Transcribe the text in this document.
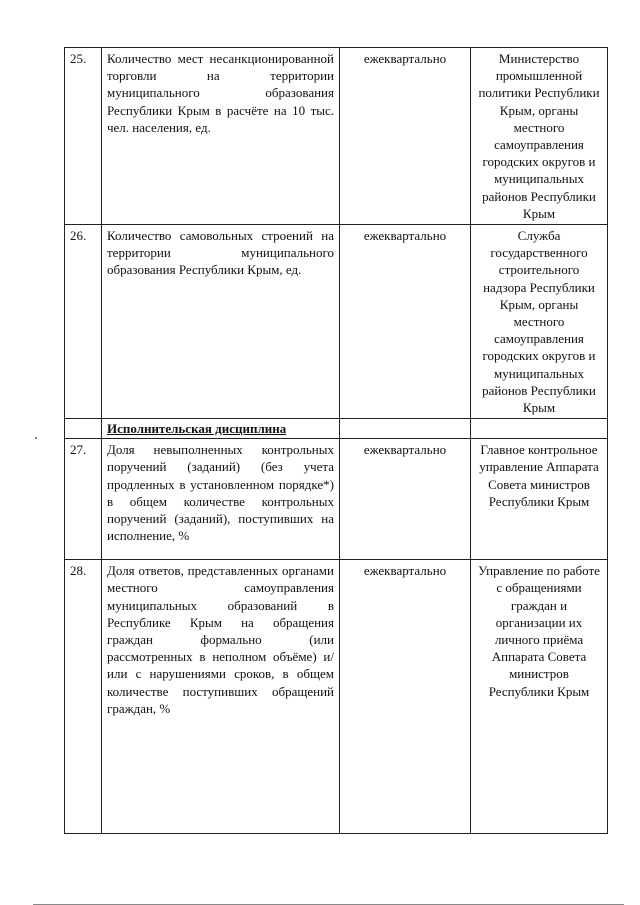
25.	Количество мест несанкционированной торговли на территории муниципального образования Республики Крым в расчёте на 10 тыс. чел. населения, ед.	ежеквартально	Министерство промышленной политики Республики Крым, органы местного самоуправления городских округов и муниципальных районов Республики Крым
26.	Количество самовольных строений на территории муниципального образования Республики Крым, ед.	ежеквартально	Служба государственного строительного надзора Республики Крым, органы местного самоуправления городских округов и муниципальных районов Республики Крым
	Исполнительская дисциплина		
27.	Доля невыполненных контрольных поручений (заданий) (без учета продленных в установленном порядке*) в общем количестве контрольных поручений (заданий), поступивших на исполнение, %	ежеквартально	Главное контрольное управление Аппарата Совета министров Республики Крым
28.	Доля ответов, представленных органами местного самоуправления муниципальных образований в Республике Крым на обращения граждан формально (или рассмотренных в неполном объёме) и/или с нарушениями сроков, в общем количестве поступивших обращений граждан, %	ежеквартально	Управление по работе с обращениями граждан и организации их личного приёма Аппарата Совета министров Республики Крым
